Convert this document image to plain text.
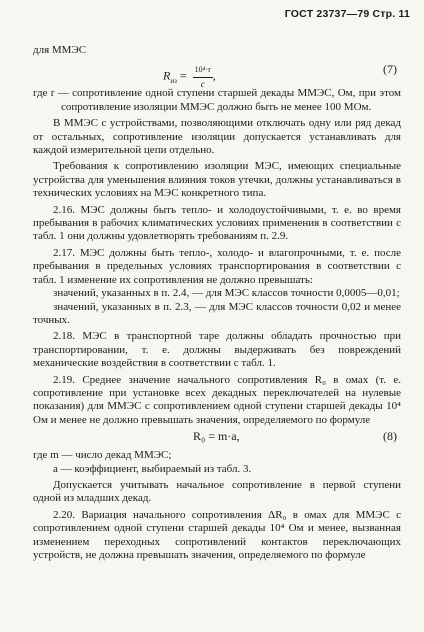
ГОСТ 23737—79 Стр. 11

для ММЭС

$R_{из} = \frac{\text{10⁴·r}}{c}$ ,	(7)

где r — сопротивление одной ступени старшей декады ММЭС, Ом, при этом сопротивление изоляции ММЭС должно быть не менее 100 МОм.

В ММЭС с устройствами, позволяющими отключать одну или ряд декад от остальных, сопротивление изоляции допускается устанавливать для каждой измерительной цепи отдельно.

Требования к сопротивлению изоляции МЭС, имеющих специальные устройства для уменьшения влияния токов утечки, должны устанавливаться в технических условиях на МЭС конкретного типа.

2.16. МЭС должны быть тепло- и холодоустойчивыми, т. е. во время пребывания в рабочих климатических условиях применения в соответствии с табл. 1 они должны удовлетворять требованиям п. 2.9.

2.17. МЭС должны быть тепло-, холодо- и влагопрочными, т. е. после пребывания в предельных условиях транспортирования в соответствии с табл. 1 изменение их сопротивления не должно превышать:

значений, указанных в п. 2.4, — для МЭС классов точности 0,0005—0,01;

значений, указанных в п. 2.3, — для МЭС классов точности 0,02 и менее точных.

2.18. МЭС в транспортной таре должны обладать прочностью при транспортировании, т. е. должны выдерживать без повреждений механические воздействия в соответствии с табл. 1.

2.19. Среднее значение начального сопротивления R₀ в омах (т. е. сопротивление при установке всех декадных переключателей на нулевые показания) для ММЭС с сопротивлением одной ступени старшей декады 10⁴ Ом и менее не должно превышать значения, определяемого по формуле

R₀ = m·a,	(8)

где m — число декад ММЭС;

a — коэффициент, выбираемый из табл. 3.

Допускается учитывать начальное сопротивление в первой ступени одной из младших декад.

2.20. Вариация начального сопротивления ΔR₀ в омах для ММЭС с сопротивлением одной ступени старшей декады 10⁴ Ом и менее, вызванная изменением переходных сопротивлений контактов переключающих устройств, не должна превышать значения, определяемого по формуле
